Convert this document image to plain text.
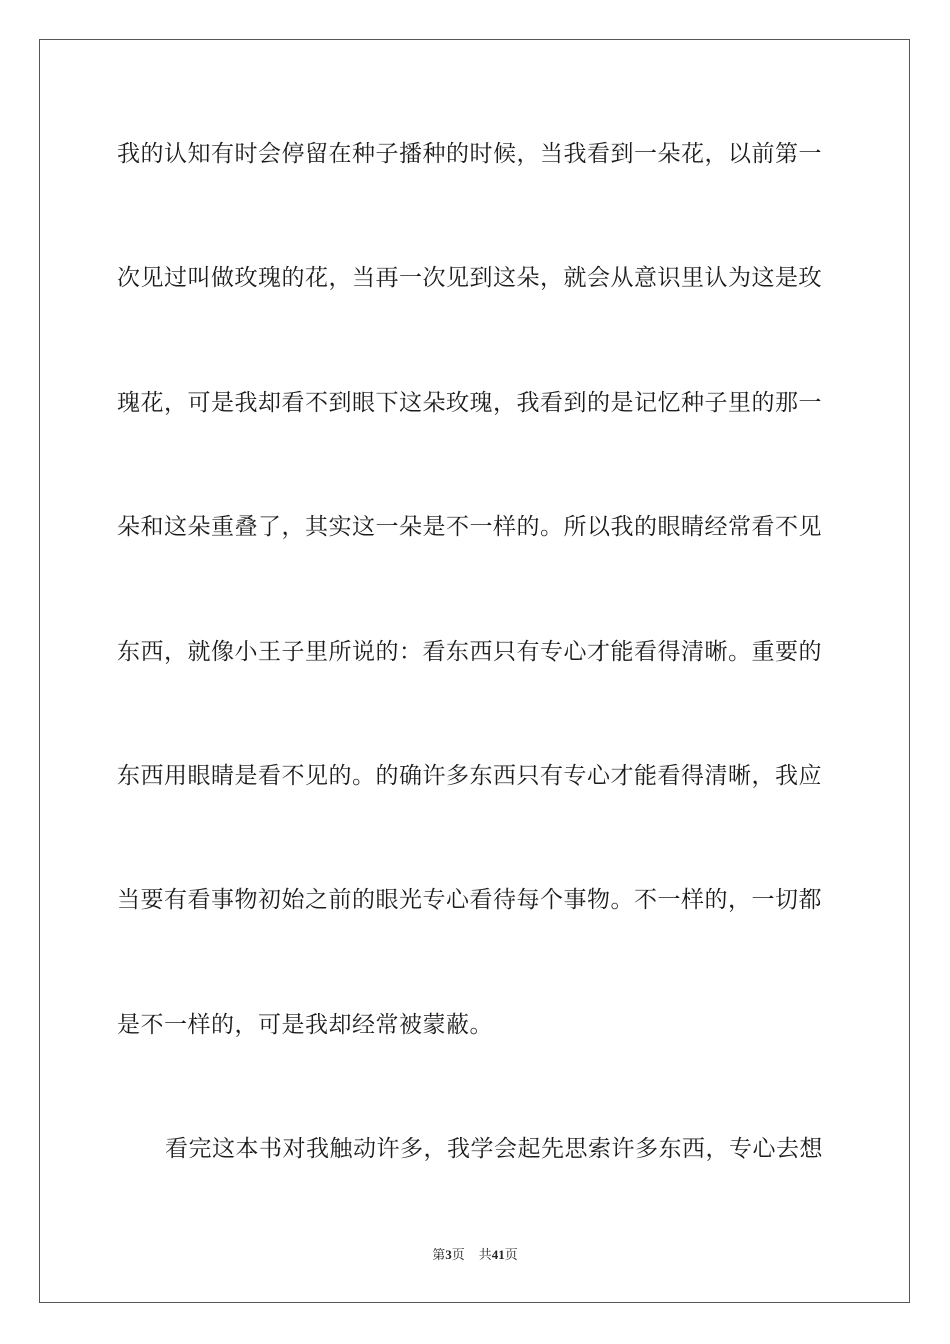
我的认知有时会停留在种子播种的时候，当我看到一朵花，以前第一
次见过叫做玫瑰的花，当再一次见到这朵，就会从意识里认为这是玫
瑰花，可是我却看不到眼下这朵玫瑰，我看到的是记忆种子里的那一
朵和这朵重叠了，其实这一朵是不一样的。所以我的眼睛经常看不见
东西，就像小王子里所说的：看东西只有专心才能看得清晰。重要的
东西用眼睛是看不见的。的确许多东西只有专心才能看得清晰，我应
当要有看事物初始之前的眼光专心看待每个事物。不一样的，一切都
是不一样的，可是我却经常被蒙蔽。
看完这本书对我触动许多，我学会起先思索许多东西，专心去想
第3页 共41页
